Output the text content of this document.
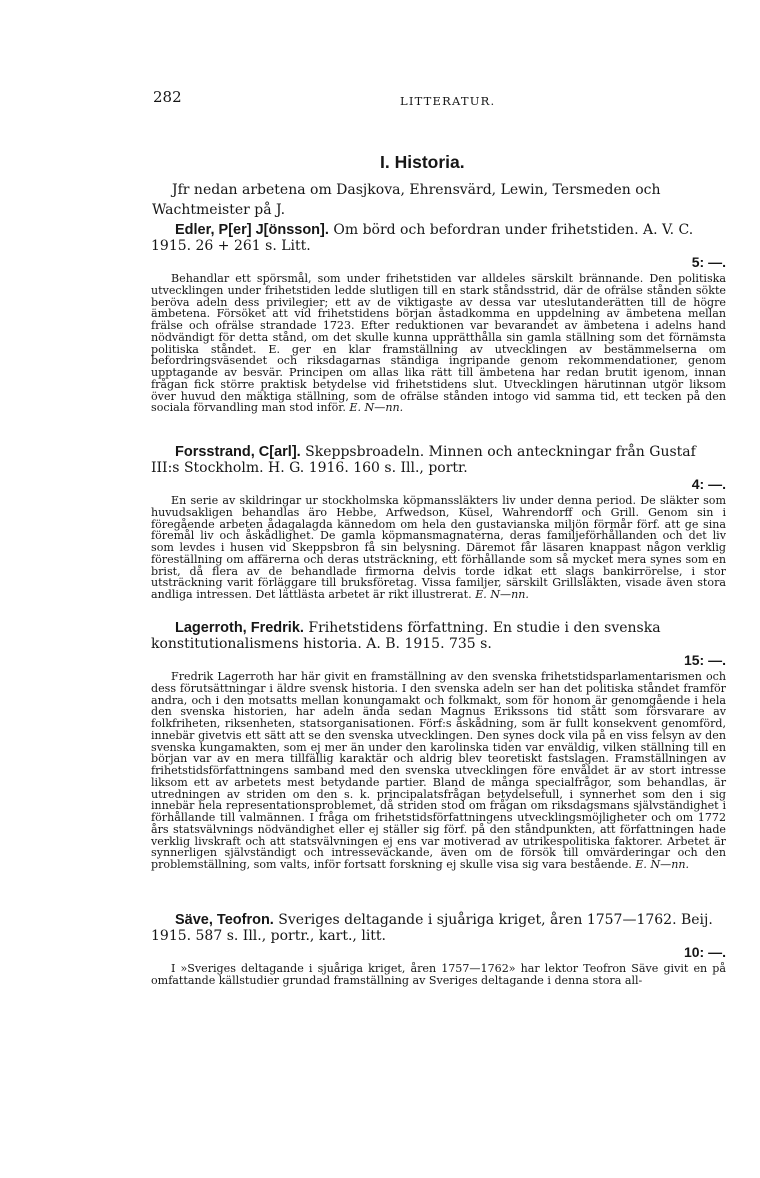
282	LITTERATUR.
I. Historia.

Jfr nedan arbetena om Dasjkova, Ehrensvärd, Lewin, Tersmeden och Wachtmeister på J.

Edler, P[er] J[önsson]. Om börd och befordran under frihetstiden. A. V. C. 1915. 26 + 261 s. Litt.

5: —.

Behandlar ett spörsmål, som under frihetstiden var alldeles särskilt brännande. Den politiska utvecklingen under frihetstiden ledde slutligen till en stark ståndsstrid, där de ofrälse stånden sökte beröva adeln dess privilegier; ett av de viktigaste av dessa var uteslutanderätten till de högre ämbetena. Försöket att vid frihetstidens början åstadkomma en uppdelning av ämbetena mellan frälse och ofrälse strandade 1723. Efter reduktionen var bevarandet av ämbetena i adelns hand nödvändigt för detta stånd, om det skulle kunna upprätthålla sin gamla ställning som det förnämsta politiska ståndet. E. ger en klar framställning av utvecklingen av bestämmelserna om befordringsväsendet och riksdagarnas ständiga ingripande genom rekommendationer, genom upptagande av besvär. Principen om allas lika rätt till ämbetena har redan brutit igenom, innan frågan fick större praktisk betydelse vid frihetstidens slut. Utvecklingen härutinnan utgör liksom över huvud den mäktiga ställning, som de ofrälse stånden intogo vid samma tid, ett tecken på den sociala förvandling man stod inför. E. N—nn.

Forsstrand, C[arl]. Skeppsbroadeln. Minnen och anteckningar från Gustaf III:s Stockholm. H. G. 1916. 160 s. Ill., portr.

4: —.

En serie av skildringar ur stockholmska köpmanssläkters liv under denna period. De släkter som huvudsakligen behandlas äro Hebbe, Arfwedson, Küsel, Wahrendorff och Grill. Genom sin i föregående arbeten ådagalagda kännedom om hela den gustavianska miljön förmår förf. att ge sina föremål liv och åskådlighet. De gamla köpmansmagnaterna, deras familjeförhållanden och det liv som levdes i husen vid Skeppsbron få sin belysning. Däremot får läsaren knappast någon verklig föreställning om affärerna och deras utsträckning, ett förhållande som så mycket mera synes som en brist, då flera av de behandlade firmorna delvis torde idkat ett slags bankirrörelse, i stor utsträckning varit förläggare till bruksföretag. Vissa familjer, särskilt Grillsläkten, visade även stora andliga intressen. Det lättlästa arbetet är rikt illustrerat. E. N—nn.

Lagerroth, Fredrik. Frihetstidens författning. En studie i den svenska konstitutionalismens historia. A. B. 1915. 735 s.

15: —.

Fredrik Lagerroth har här givit en framställning av den svenska frihetstidsparlamentarismen och dess förutsättningar i äldre svensk historia. I den svenska adeln ser han det politiska ståndet framför andra, och i den motsatts mellan konungamakt och folkmakt, som för honom är genomgående i hela den svenska historien, har adeln ända sedan Magnus Erikssons tid stått som försvarare av folkfriheten, riksenheten, statsorganisationen. Förf:s åskådning, som är fullt konsekvent genomförd, innebär givetvis ett sätt att se den svenska utvecklingen. Den synes dock vila på en viss felsyn av den svenska kungamakten, som ej mer än under den karolinska tiden var enväldig, vilken ställning till en början var av en mera tillfällig karaktär och aldrig blev teoretiskt fastslagen. Framställningen av frihetstidsförfattningens samband med den svenska utvecklingen före envåldet är av stort intresse liksom ett av arbetets mest betydande partier. Bland de många specialfrågor, som behandlas, är utredningen av striden om den s. k. principalatsfrågan betydelsefull, i synnerhet som den i sig innebär hela representationsproblemet, då striden stod om frågan om riksdagsmans självständighet i förhållande till valmännen. I fråga om frihetstidsförfattningens utvecklingsmöjligheter och om 1772 års statsvälvnings nödvändighet eller ej ställer sig förf. på den ståndpunkten, att författningen hade verklig livskraft och att statsvälvningen ej ens var motiverad av utrikespolitiska faktorer. Arbetet är synnerligen självständigt och intresseväckande, även om de försök till omvärderingar och den problemställning, som valts, inför fortsatt forskning ej skulle visa sig vara bestående. E. N—nn.

Säve, Teofron. Sveriges deltagande i sjuåriga kriget, åren 1757—1762. Beij. 1915. 587 s. Ill., portr., kart., litt.

10: —.

I »Sveriges deltagande i sjuåriga kriget, åren 1757—1762» har lektor Teofron Säve givit en på omfattande källstudier grundad framställning av Sveriges deltagande i denna stora all-
